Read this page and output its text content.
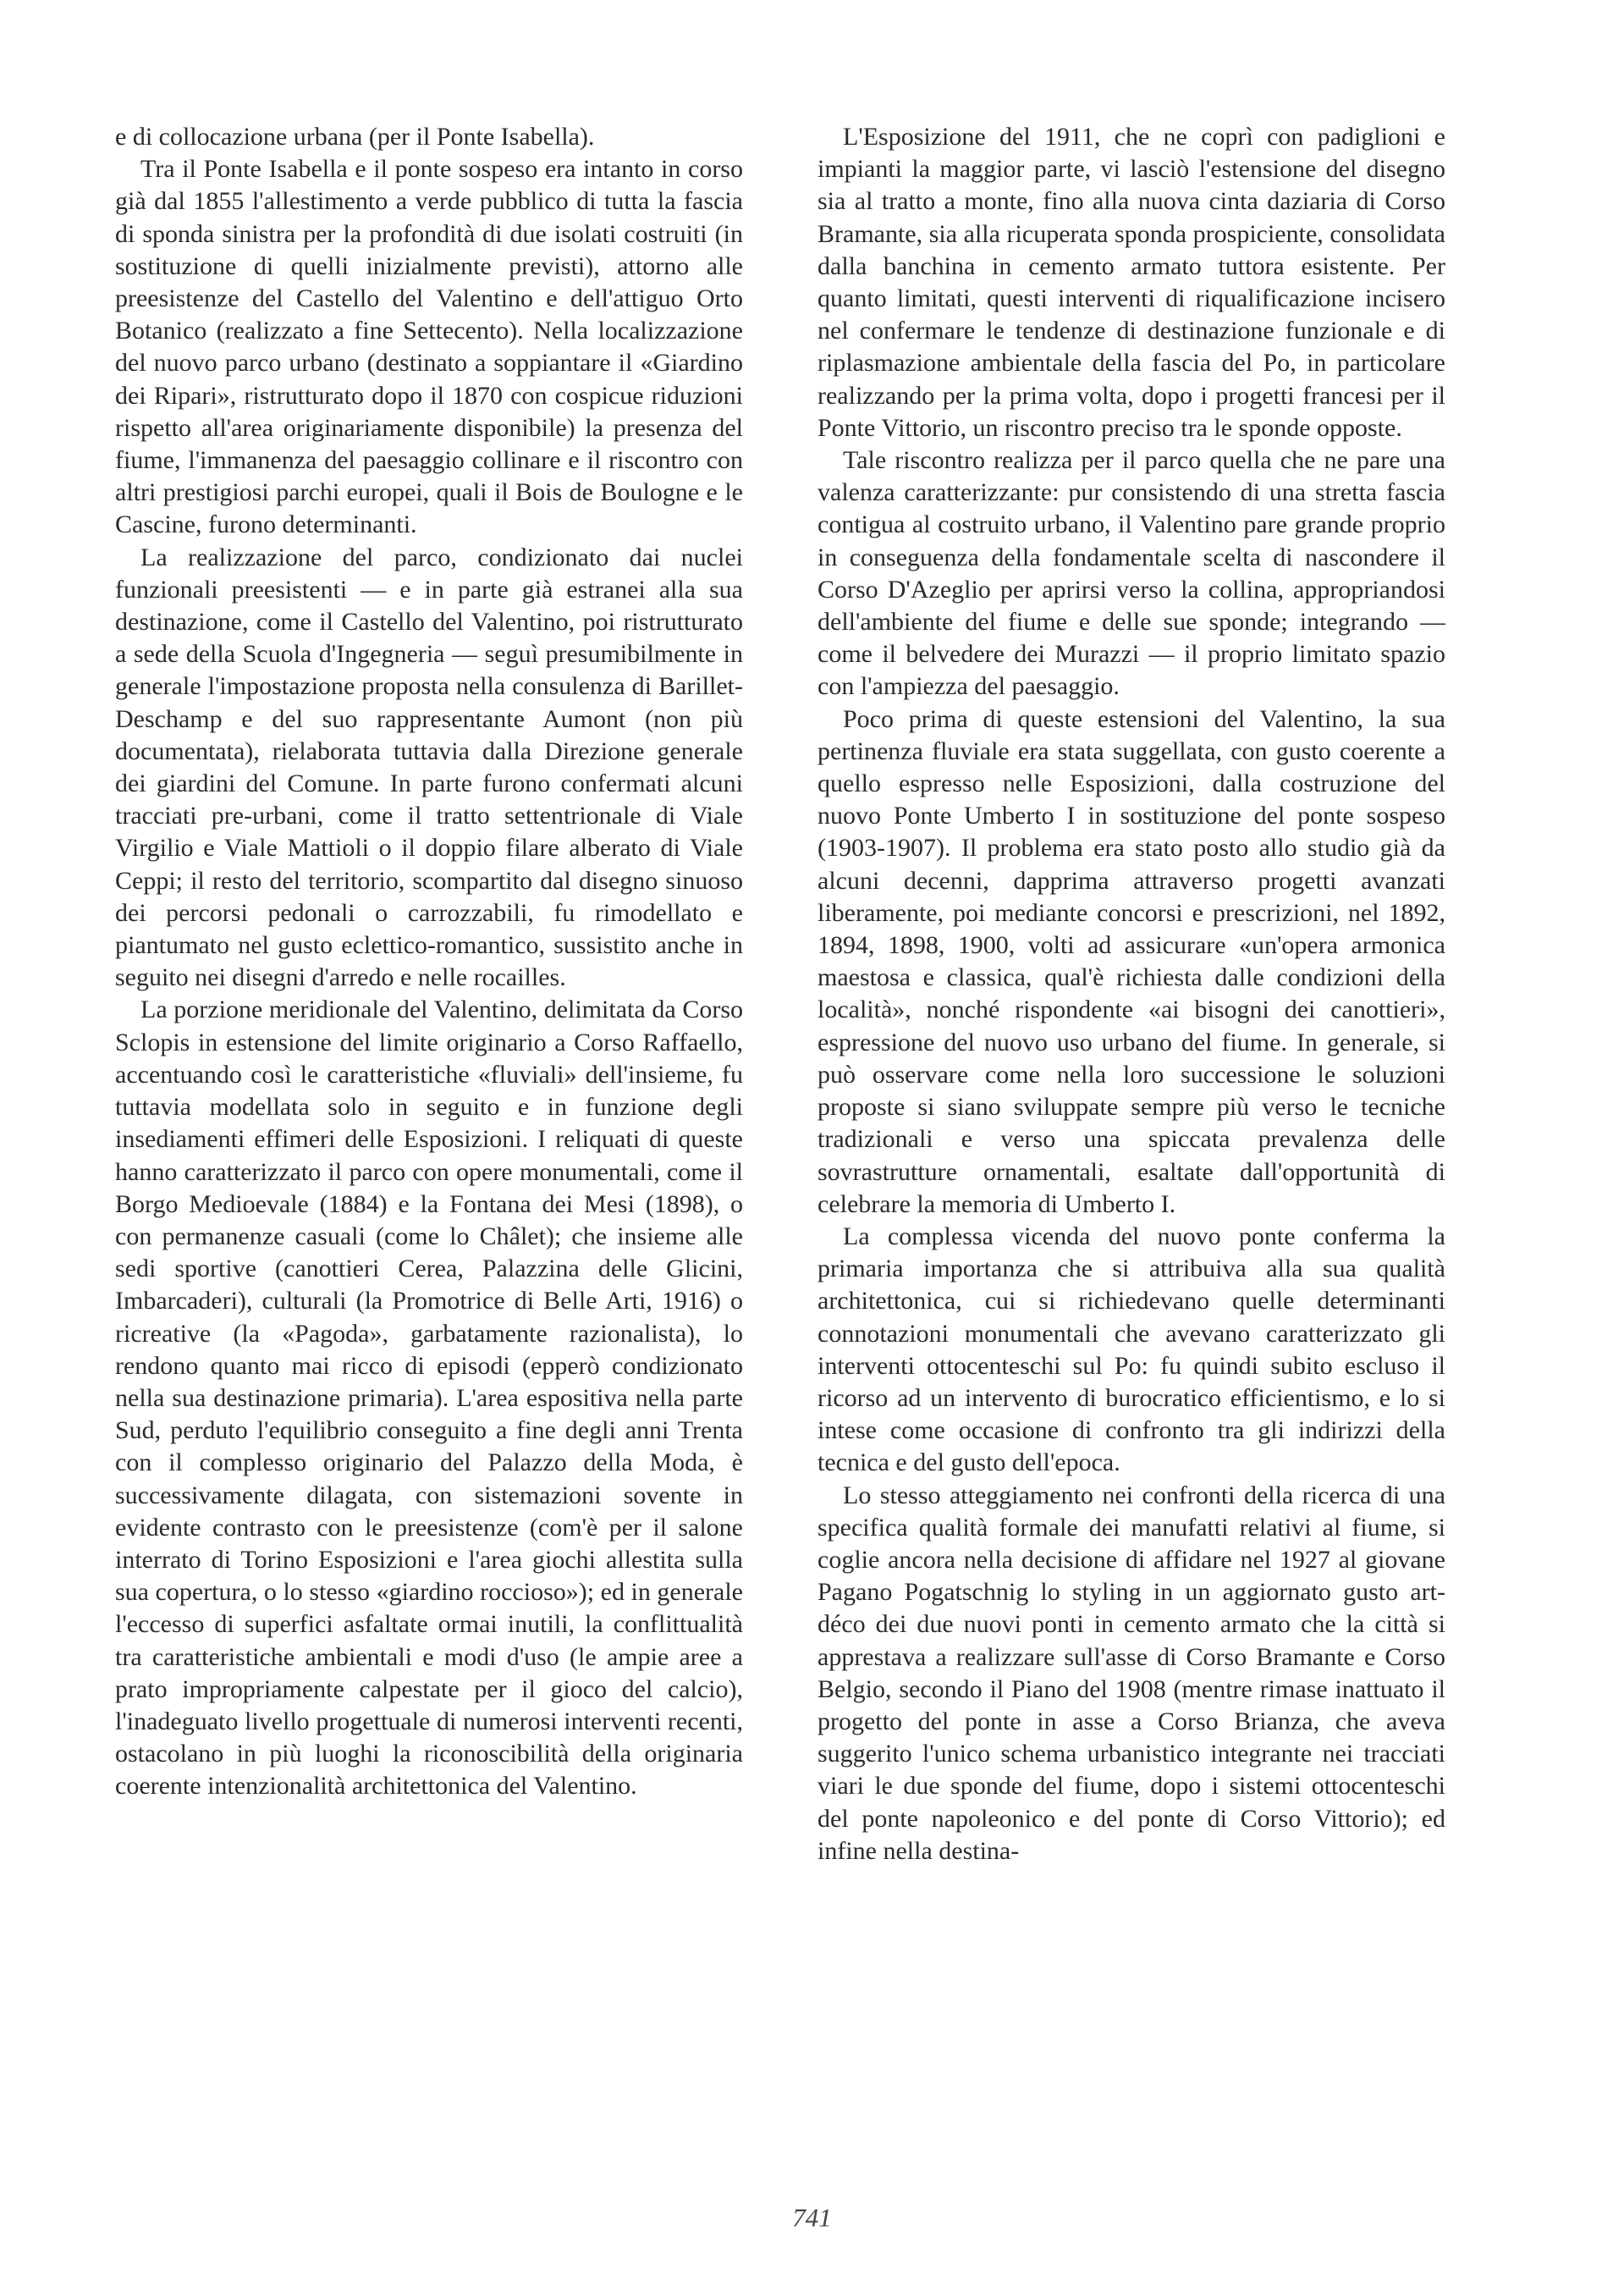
e di collocazione urbana (per il Ponte Isabella).

Tra il Ponte Isabella e il ponte sospeso era intanto in corso già dal 1855 l'allestimento a verde pubblico di tutta la fascia di sponda sinistra per la profondità di due isolati costruiti (in sostituzione di quelli inizialmente previsti), attorno alle preesistenze del Castello del Valentino e dell'attiguo Orto Botanico (realizzato a fine Settecento). Nella localizzazione del nuovo parco urbano (destinato a soppiantare il «Giardino dei Ripari», ristrutturato dopo il 1870 con cospicue riduzioni rispetto all'area originariamente disponibile) la presenza del fiume, l'immanenza del paesaggio collinare e il riscontro con altri prestigiosi parchi europei, quali il Bois de Boulogne e le Cascine, furono determinanti.

La realizzazione del parco, condizionato dai nuclei funzionali preesistenti — e in parte già estranei alla sua destinazione, come il Castello del Valentino, poi ristrutturato a sede della Scuola d'Ingegneria — seguì presumibilmente in generale l'impostazione proposta nella consulenza di Barillet-Deschamp e del suo rappresentante Aumont (non più documentata), rielaborata tuttavia dalla Direzione generale dei giardini del Comune. In parte furono confermati alcuni tracciati pre-urbani, come il tratto settentrionale di Viale Virgilio e Viale Mattioli o il doppio filare alberato di Viale Ceppi; il resto del territorio, scompartito dal disegno sinuoso dei percorsi pedonali o carrozzabili, fu rimodellato e piantumato nel gusto eclettico-romantico, sussistito anche in seguito nei disegni d'arredo e nelle rocailles.

La porzione meridionale del Valentino, delimitata da Corso Sclopis in estensione del limite originario a Corso Raffaello, accentuando così le caratteristiche «fluviali» dell'insieme, fu tuttavia modellata solo in seguito e in funzione degli insediamenti effimeri delle Esposizioni. I reliquati di queste hanno caratterizzato il parco con opere monumentali, come il Borgo Medioevale (1884) e la Fontana dei Mesi (1898), o con permanenze casuali (come lo Châlet); che insieme alle sedi sportive (canottieri Cerea, Palazzina delle Glicini, Imbarcaderi), culturali (la Promotrice di Belle Arti, 1916) o ricreative (la «Pagoda», garbatamente razionalista), lo rendono quanto mai ricco di episodi (epperò condizionato nella sua destinazione primaria). L'area espositiva nella parte Sud, perduto l'equilibrio conseguito a fine degli anni Trenta con il complesso originario del Palazzo della Moda, è successivamente dilagata, con sistemazioni sovente in evidente contrasto con le preesistenze (com'è per il salone interrato di Torino Esposizioni e l'area giochi allestita sulla sua copertura, o lo stesso «giardino roccioso»); ed in generale l'eccesso di superfici asfaltate ormai inutili, la conflittualità tra caratteristiche ambientali e modi d'uso (le ampie aree a prato impropriamente calpestate per il gioco del calcio), l'inadeguato livello progettuale di numerosi interventi recenti, ostacolano in più luoghi la riconoscibilità della originaria coerente intenzionalità architettonica del Valentino.

L'Esposizione del 1911, che ne coprì con padiglioni e impianti la maggior parte, vi lasciò l'estensione del disegno sia al tratto a monte, fino alla nuova cinta daziaria di Corso Bramante, sia alla ricuperata sponda prospiciente, consolidata dalla banchina in cemento armato tuttora esistente. Per quanto limitati, questi interventi di riqualificazione incisero nel confermare le tendenze di destinazione funzionale e di riplasmazione ambientale della fascia del Po, in particolare realizzando per la prima volta, dopo i progetti francesi per il Ponte Vittorio, un riscontro preciso tra le sponde opposte.

Tale riscontro realizza per il parco quella che ne pare una valenza caratterizzante: pur consistendo di una stretta fascia contigua al costruito urbano, il Valentino pare grande proprio in conseguenza della fondamentale scelta di nascondere il Corso D'Azeglio per aprirsi verso la collina, appropriandosi dell'ambiente del fiume e delle sue sponde; integrando — come il belvedere dei Murazzi — il proprio limitato spazio con l'ampiezza del paesaggio.

Poco prima di queste estensioni del Valentino, la sua pertinenza fluviale era stata suggellata, con gusto coerente a quello espresso nelle Esposizioni, dalla costruzione del nuovo Ponte Umberto I in sostituzione del ponte sospeso (1903-1907). Il problema era stato posto allo studio già da alcuni decenni, dapprima attraverso progetti avanzati liberamente, poi mediante concorsi e prescrizioni, nel 1892, 1894, 1898, 1900, volti ad assicurare «un'opera armonica maestosa e classica, qual'è richiesta dalle condizioni della località», nonché rispondente «ai bisogni dei canottieri», espressione del nuovo uso urbano del fiume. In generale, si può osservare come nella loro successione le soluzioni proposte si siano sviluppate sempre più verso le tecniche tradizionali e verso una spiccata prevalenza delle sovrastrutture ornamentali, esaltate dall'opportunità di celebrare la memoria di Umberto I.

La complessa vicenda del nuovo ponte conferma la primaria importanza che si attribuiva alla sua qualità architettonica, cui si richiedevano quelle determinanti connotazioni monumentali che avevano caratterizzato gli interventi ottocenteschi sul Po: fu quindi subito escluso il ricorso ad un intervento di burocratico efficientismo, e lo si intese come occasione di confronto tra gli indirizzi della tecnica e del gusto dell'epoca.

Lo stesso atteggiamento nei confronti della ricerca di una specifica qualità formale dei manufatti relativi al fiume, si coglie ancora nella decisione di affidare nel 1927 al giovane Pagano Pogatschnig lo styling in un aggiornato gusto art-déco dei due nuovi ponti in cemento armato che la città si apprestava a realizzare sull'asse di Corso Bramante e Corso Belgio, secondo il Piano del 1908 (mentre rimase inattuato il progetto del ponte in asse a Corso Brianza, che aveva suggerito l'unico schema urbanistico integrante nei tracciati viari le due sponde del fiume, dopo i sistemi ottocenteschi del ponte napoleonico e del ponte di Corso Vittorio); ed infine nella destina-

741
